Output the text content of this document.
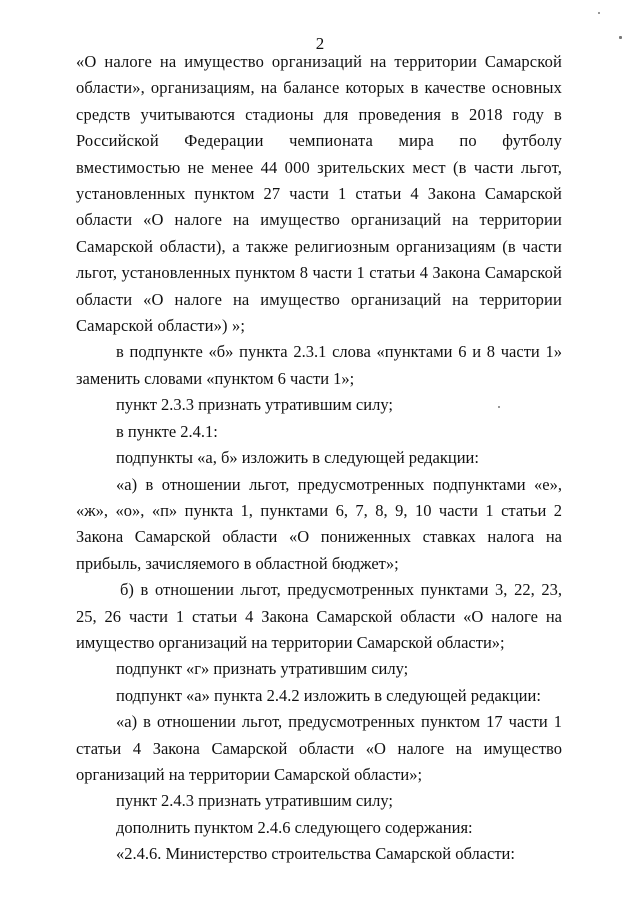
2

«О налоге на имущество организаций на территории Самарской области», организациям, на балансе которых в качестве основных средств учитываются стадионы для проведения в 2018 году в Российской Федерации чемпионата мира по футболу вместимостью не менее 44 000 зрительских мест (в части льгот, установленных пунктом 27 части 1 статьи 4 Закона Самарской области «О налоге на имущество организаций на территории Самарской области), а также религиозным организациям (в части льгот, установленных пунктом 8 части 1 статьи 4 Закона Самарской области «О налоге на имущество организаций на территории Самарской области») »;

в подпункте «б» пункта 2.3.1 слова «пунктами 6 и 8 части 1» заменить словами «пунктом 6 части 1»;

пункт 2.3.3 признать утратившим силу;

в пункте 2.4.1:

подпункты «а, б» изложить в следующей редакции:

«а) в отношении льгот, предусмотренных подпунктами «е», «ж», «о», «п» пункта 1, пунктами 6, 7, 8, 9, 10 части 1 статьи 2 Закона Самарской области «О пониженных ставках налога на прибыль, зачисляемого в областной бюджет»;

б) в отношении льгот, предусмотренных пунктами 3, 22, 23, 25, 26 части 1 статьи 4 Закона Самарской области «О налоге на имущество организаций на территории Самарской области»;

подпункт «г» признать утратившим силу;

подпункт «а» пункта 2.4.2 изложить в следующей редакции:

«а) в отношении льгот, предусмотренных пунктом 17 части 1 статьи 4 Закона Самарской области «О налоге на имущество организаций на территории Самарской области»;

пункт 2.4.3 признать утратившим силу;

дополнить пунктом 2.4.6 следующего содержания:

«2.4.6. Министерство строительства Самарской области:
